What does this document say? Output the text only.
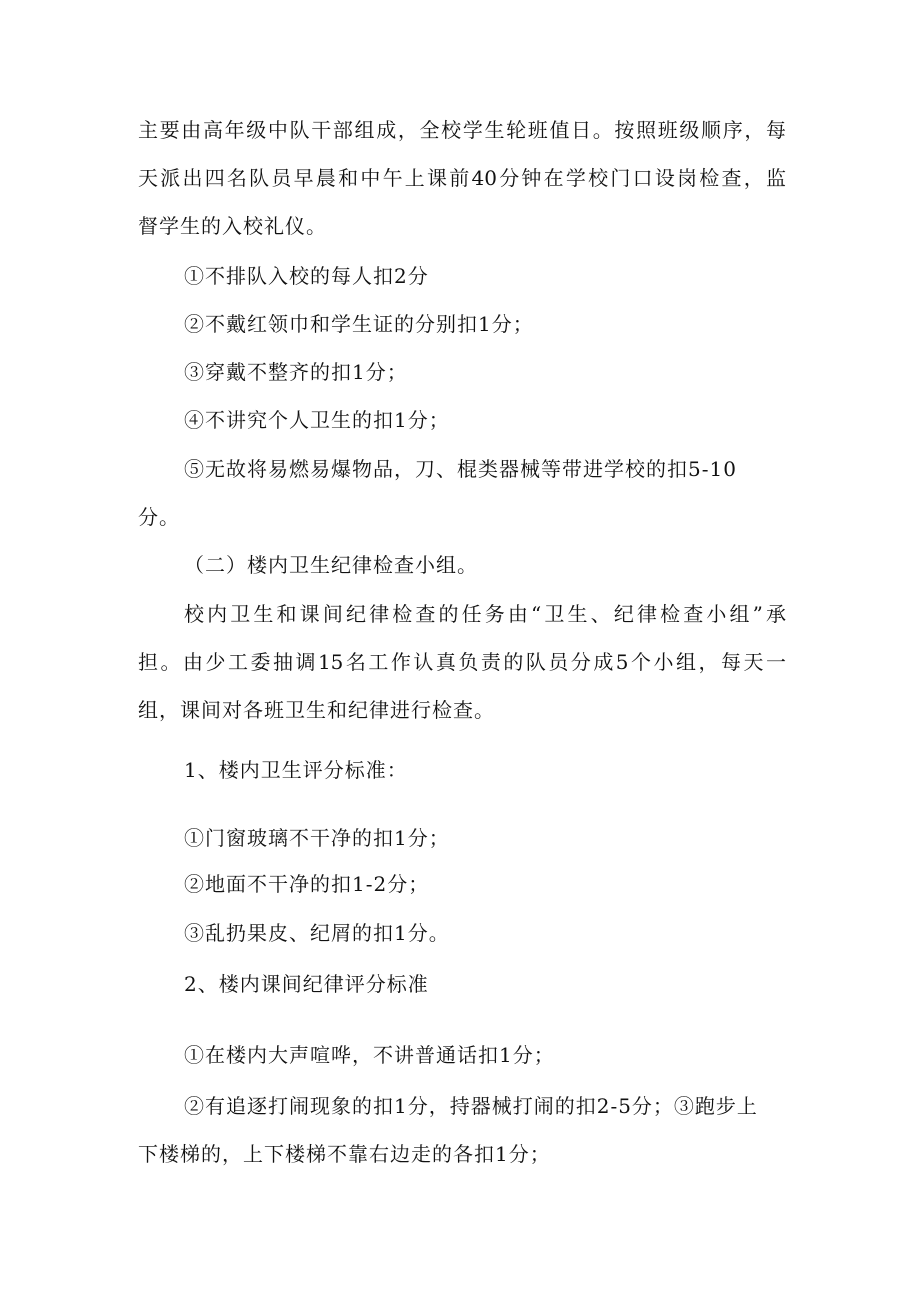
主要由高年级中队干部组成，全校学生轮班值日。按照班级顺序，每
天派出四名队员早晨和中午上课前40分钟在学校门口设岗检查，监
督学生的入校礼仪。
①不排队入校的每人扣2分
②不戴红领巾和学生证的分别扣1分；
③穿戴不整齐的扣1分；
④不讲究个人卫生的扣1分；
⑤无故将易燃易爆物品，刀、棍类器械等带进学校的扣5-10
分。
（二）楼内卫生纪律检查小组。
校内卫生和课间纪律检查的任务由“卫生、纪律检查小组”承
担。由少工委抽调15名工作认真负责的队员分成5个小组，每天一
组，课间对各班卫生和纪律进行检查。
1、楼内卫生评分标准：
①门窗玻璃不干净的扣1分；
②地面不干净的扣1-2分；
③乱扔果皮、纪屑的扣1分。
2、楼内课间纪律评分标准
①在楼内大声喧哗，不讲普通话扣1分；
②有追逐打闹现象的扣1分，持器械打闹的扣2-5分；③跑步上
下楼梯的，上下楼梯不靠右边走的各扣1分；
